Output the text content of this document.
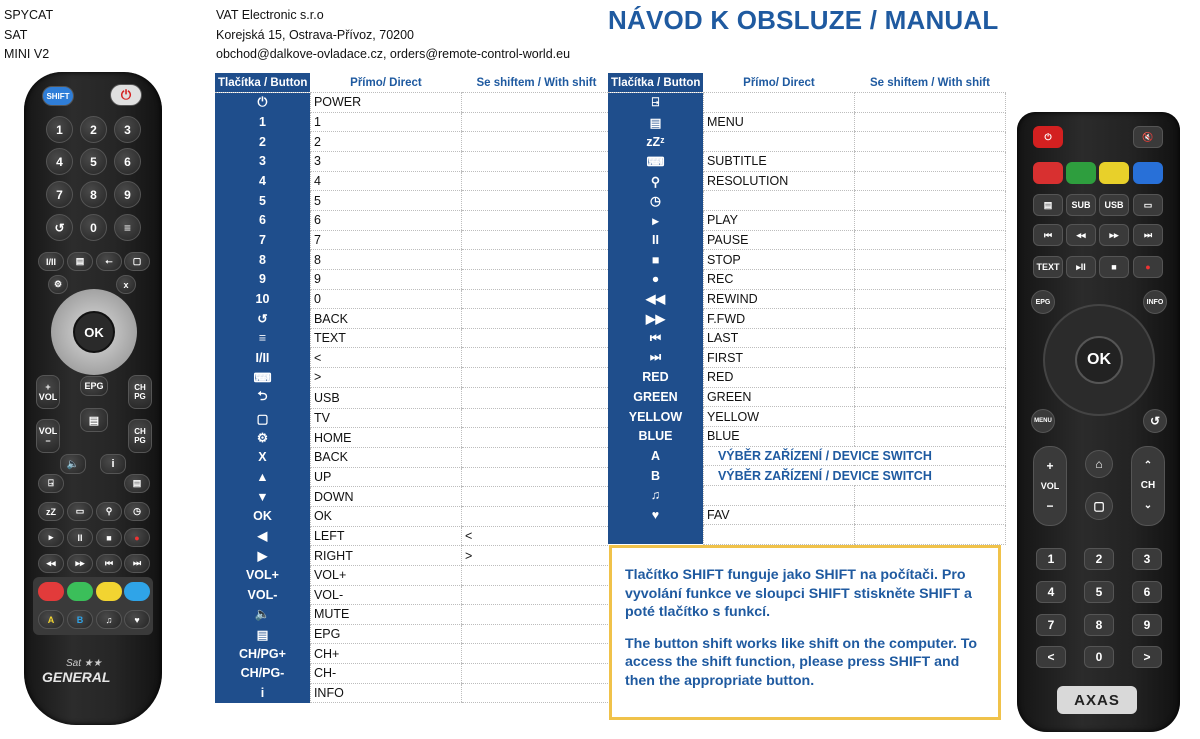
SPYCAT
SAT
MINI V2
VAT Electronic s.r.o
Korejská 15, Ostrava-Přívoz, 70200
obchod@dalkove-ovladace.cz, orders@remote-control-world.eu
NÁVOD K OBSLUZE / MANUAL
Tlačítka / Button	Přímo/ Direct	Se shiftem / With shift
⏻	POWER	
1	1	
2	2	
3	3	
4	4	
5	5	
6	6	
7	7	
8	8	
9	9	
10	0	
↺	BACK	
≡	TEXT	
I/II	<	
⌨	>	
⮌	USB	
▢	TV	
⚙	HOME	
X	BACK	
▲	UP	
▼	DOWN	
OK	OK	
◀	LEFT	<
▶	RIGHT	>
VOL+	VOL+	
VOL-	VOL-	
🔈	MUTE	
▤	EPG	
CH/PG+	CH+	
CH/PG-	CH-	
i	INFO	
Tlačítka / Button	Přímo/ Direct	Se shiftem / With shift
⍈		
▤	MENU	
zZᶻ		
⌨	SUBTITLE	
⚲	RESOLUTION	
◷		
▸	PLAY	
II	PAUSE	
■	STOP	
●	REC	
◀◀	REWIND	
▶▶	F.FWD	
⏮	LAST	
⏭	FIRST	
RED	RED	
GREEN	GREEN	
YELLOW	YELLOW	
BLUE	BLUE	
A	VÝBĚR ZAŘÍZENÍ / DEVICE SWITCH	
B	VÝBĚR ZAŘÍZENÍ / DEVICE SWITCH	
♫		
♥	FAV	

Tlačítko SHIFT funguje jako SHIFT na počítači. Pro vyvolání funkce ve sloupci SHIFT stiskněte SHIFT a poté tlačítko s funkcí.

The button shift works like shift on the computer. To access the shift function, please press SHIFT and then the appropriate button.

SHIFT	⏻
1	2	3
4	5	6
7	8	9
↺	0	≡
I/II	▤	⭠	▢
⚙	x
OK
+
VOL
EPG	CH PG
▤
VOL
−
CH PG
🔈	i
⍈	▤
zZ	▭	⚲	◷
▸	II	■	●
◂◂	▸▸	⏮	⏭
A	B	♫	♥
Sat ★★
GENERAL
⏻	🔇
▤	SUB	USB	▭
⏮	◂◂	▸▸	⏭
TEXT	▸II	■	●
EPG	INFO
OK
MENU	↺
+
VOL
−
⌂
▢
⌃
CH
⌄
1	2	3
4	5	6
7	8	9
<	0	>
AXAS
